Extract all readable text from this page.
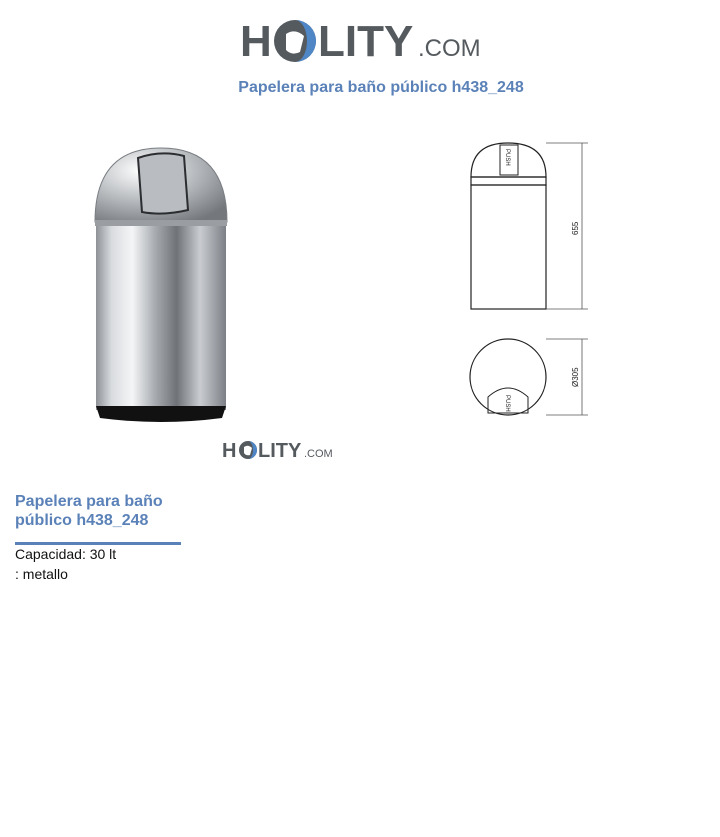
H LITY .COM
Papelera para baño público h438_248
H LITY .COM
PUSH
PUSH
655
Ø305
Papelera para baño público h438_248
Capacidad: 30 lt
: metallo
